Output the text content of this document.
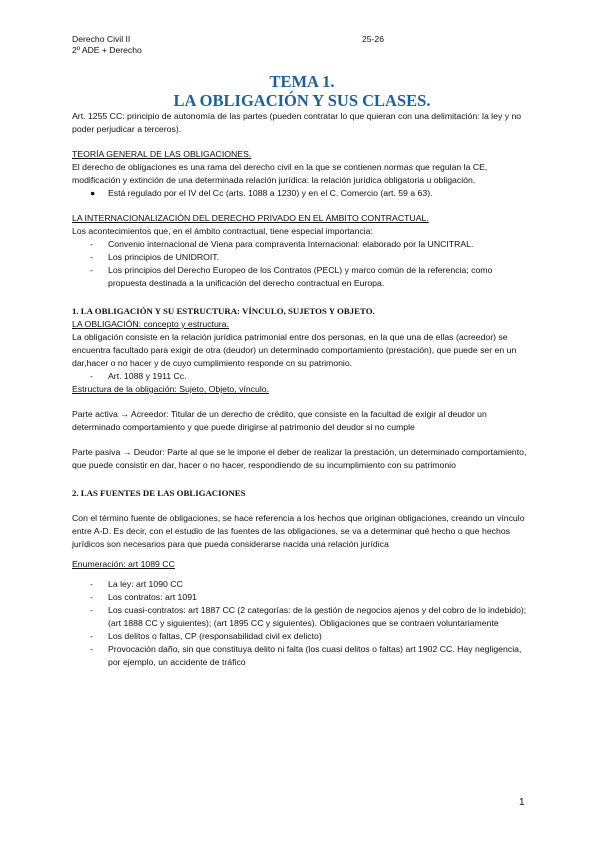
Derecho Civil II
2º ADE + Derecho
25-26
TEMA 1.
LA OBLIGACIÓN Y SUS CLASES.

Art. 1255 CC: principio de autonomía de las partes (pueden contratar lo que quieran con una delimitación: la ley y no poder perjudicar a terceros).

TEORÍA GENERAL DE LAS OBLIGACIONES.

El derecho de obligaciones es una rama del derecho civil en la que se contienen normas que regulan la CE, modificación y extinción de una determinada relación jurídica: la relación jurídica obligatoria u obligación.

● Está regulado por el IV del Cc (arts. 1088 a 1230) y en el C. Comercio (art. 59 a 63).

LA INTERNACIONALIZACIÓN DEL DERECHO PRIVADO EN EL ÁMBITO CONTRACTUAL.

Los acontecimientos que, en el ámbito contractual, tiene especial importancia:

- Convenio internacional de Viena para compraventa Internacional: elaborado por la UNCITRAL.
- Los principios de UNIDROIT.
- Los principios del Derecho Europeo de los Contratos (PECL) y marco común de la referencia; como propuesta destinada a la unificación del derecho contractual en Europa.

1. LA OBLIGACIÓN Y SU ESTRUCTURA: VÍNCULO, SUJETOS Y OBJETO.

LA OBLIGACIÓN: concepto y estructura.

La obligación consiste en la relación jurídica patrimonial entre dos personas, en la que una de ellas (acreedor) se encuentra facultado para exigir de otra (deudor) un determinado comportamiento (prestación), que puede ser en un dar,hacer o no hacer y de cuyo cumplimiento responde cn su patrimonio.

- Art. 1088 y 1911 Cc.

Estructura de la obligación: Sujeto, Objeto, vínculo.

Parte activa → Acreedor: Titular de un derecho de crédito, que consiste en la facultad de exigir al deudor un determinado comportamiento y que puede dirigirse al patrimonio del deudor si no cumple

Parte pasiva → Deudor: Parte al que se le impone el deber de realizar la prestación, un determinado comportamiento, que puede consistir en dar, hacer o no hacer, respondiendo de su incumplimiento con su patrimonio

2. LAS FUENTES DE LAS OBLIGACIONES

Con el término fuente de obligaciones, se hace referencia a los hechos que originan obligaciones, creando un vínculo entre A-D. Es decir, con el estudio de las fuentes de las obligaciones, se va a determinar qué hecho o que hechos jurídicos son necesarios para que pueda considerarse nacida una relación jurídica

Enumeración: art 1089 CC

- La ley: art 1090 CC
- Los contratos: art 1091
- Los cuasi-contratos: art 1887 CC (2 categorías: de la gestión de negocios ajenos y del cobro de lo indebido); (art 1888 CC y siguientes); (art 1895 CC y siguientes). Obligaciones que se contraen voluntariamente
- Los delitos o faltas, CP (responsabilidad civil ex delicto)
- Provocación daño, sin que constituya delito ni falta (los cuasi delitos o faltas) art 1902 CC. Hay negligencia, por ejemplo, un accidente de tráfico
1
